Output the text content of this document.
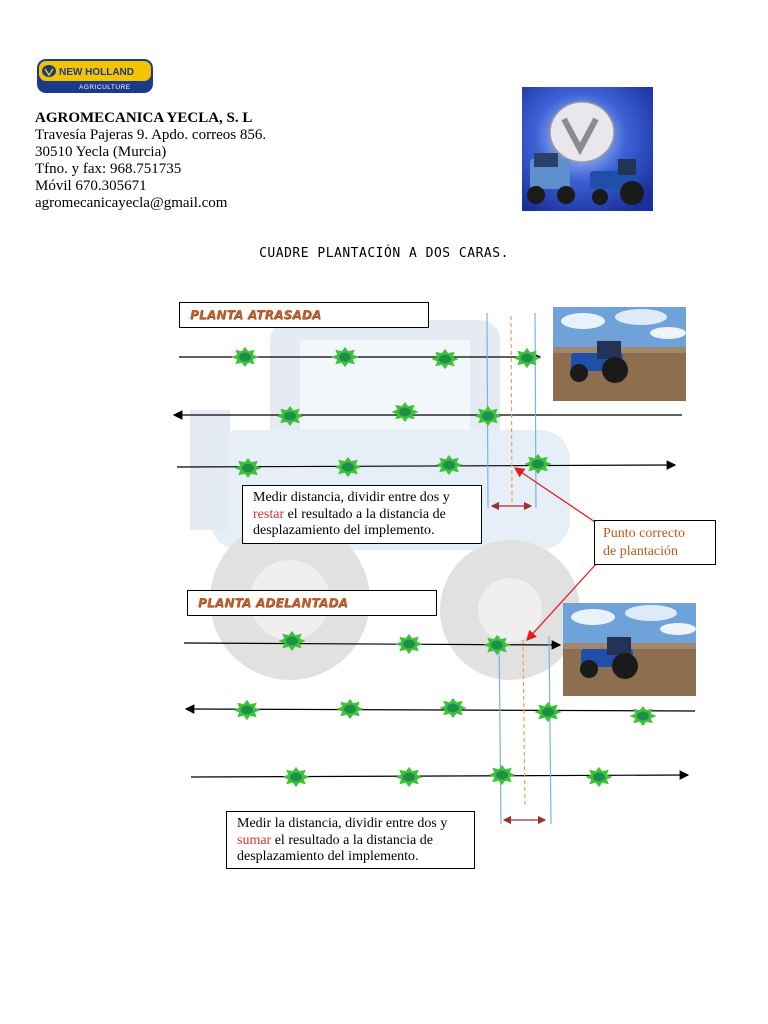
NEW HOLLAND
AGRICULTURE
AGROMECANICA YECLA, S. L
Travesía Pajeras 9. Apdo. correos 856.
30510 Yecla (Murcia)
Tfno. y fax: 968.751735
Móvil 670.305671
agromecanicayecla@gmail.com
CUADRE PLANTACIÓN A DOS CARAS.
PLANTA ATRASADA
Medir distancia, dividir entre dos y restar el resultado a la distancia de desplazamiento del implemento.	Punto correcto
de plantación
PLANTA ADELANTADA
Medir la distancia, dividir entre dos y sumar el resultado a la distancia de desplazamiento del implemento.
